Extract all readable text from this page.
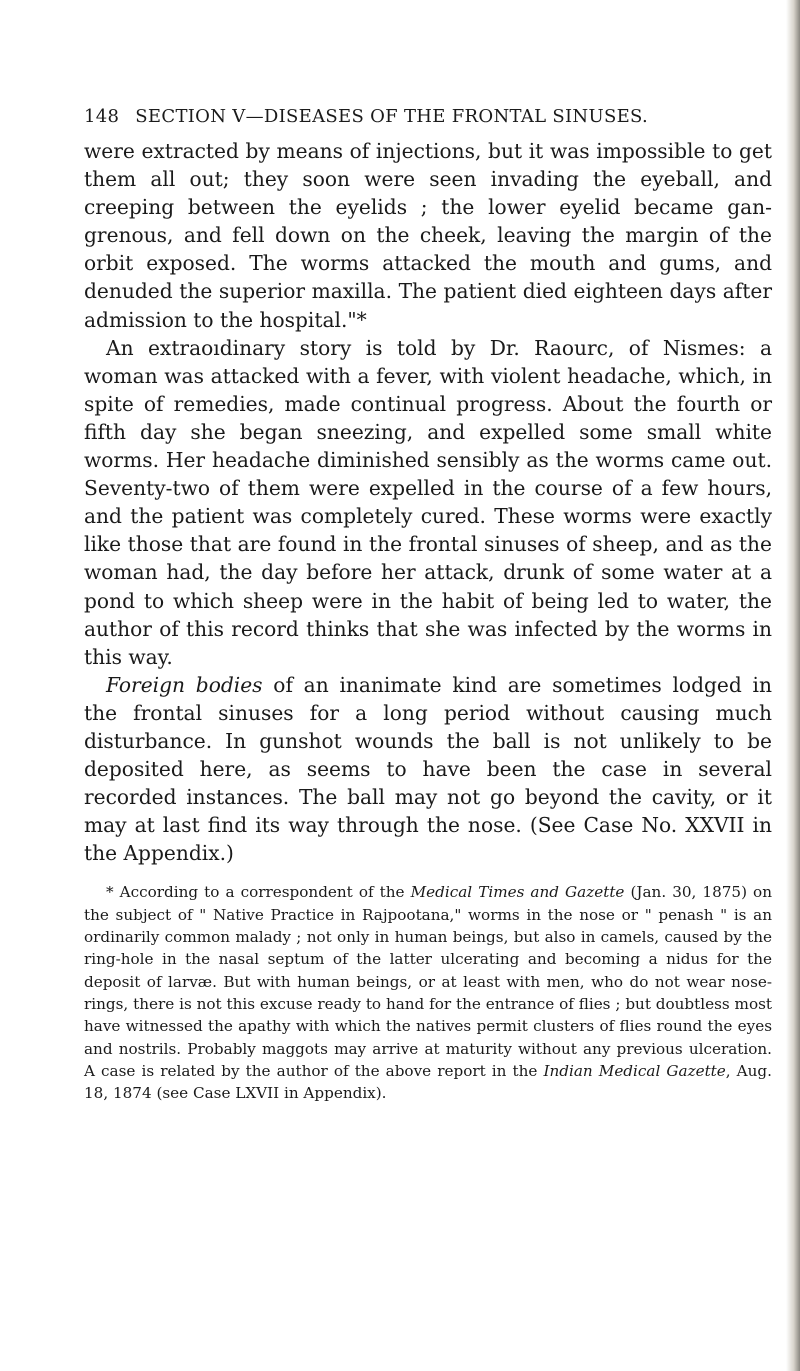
148 SECTION V—DISEASES OF THE FRONTAL SINUSES.

were extracted by means of injections, but it was impossible to get them all out; they soon were seen invading the eyeball, and creeping between the eyelids ; the lower eyelid became gangrenous, and fell down on the cheek, leaving the margin of the orbit exposed. The worms attacked the mouth and gums, and denuded the superior maxilla. The patient died eighteen days after admission to the hospital."*

An extraoıdinary story is told by Dr. Raourc, of Nismes: a woman was attacked with a fever, with violent headache, which, in spite of remedies, made continual progress. About the fourth or fifth day she began sneezing, and expelled some small white worms. Her headache diminished sensibly as the worms came out. Seventy-two of them were expelled in the course of a few hours, and the patient was completely cured. These worms were exactly like those that are found in the frontal sinuses of sheep, and as the woman had, the day before her attack, drunk of some water at a pond to which sheep were in the habit of being led to water, the author of this record thinks that she was infected by the worms in this way.

Foreign bodies of an inanimate kind are sometimes lodged in the frontal sinuses for a long period without causing much disturbance. In gunshot wounds the ball is not unlikely to be deposited here, as seems to have been the case in several recorded instances. The ball may not go beyond the cavity, or it may at last find its way through the nose. (See Case No. XXVII in the Appendix.)

* According to a correspondent of the Medical Times and Gazette (Jan. 30, 1875) on the subject of " Native Practice in Rajpootana," worms in the nose or " penash " is an ordinarily common malady ; not only in human beings, but also in camels, caused by the ring-hole in the nasal septum of the latter ulcerating and becoming a nidus for the deposit of larvæ. But with human beings, or at least with men, who do not wear nose-rings, there is not this excuse ready to hand for the entrance of flies ; but doubtless most have witnessed the apathy with which the natives permit clusters of flies round the eyes and nostrils. Probably maggots may arrive at maturity without any previous ulceration. A case is related by the author of the above report in the Indian Medical Gazette, Aug. 18, 1874 (see Case LXVII in Appendix).
